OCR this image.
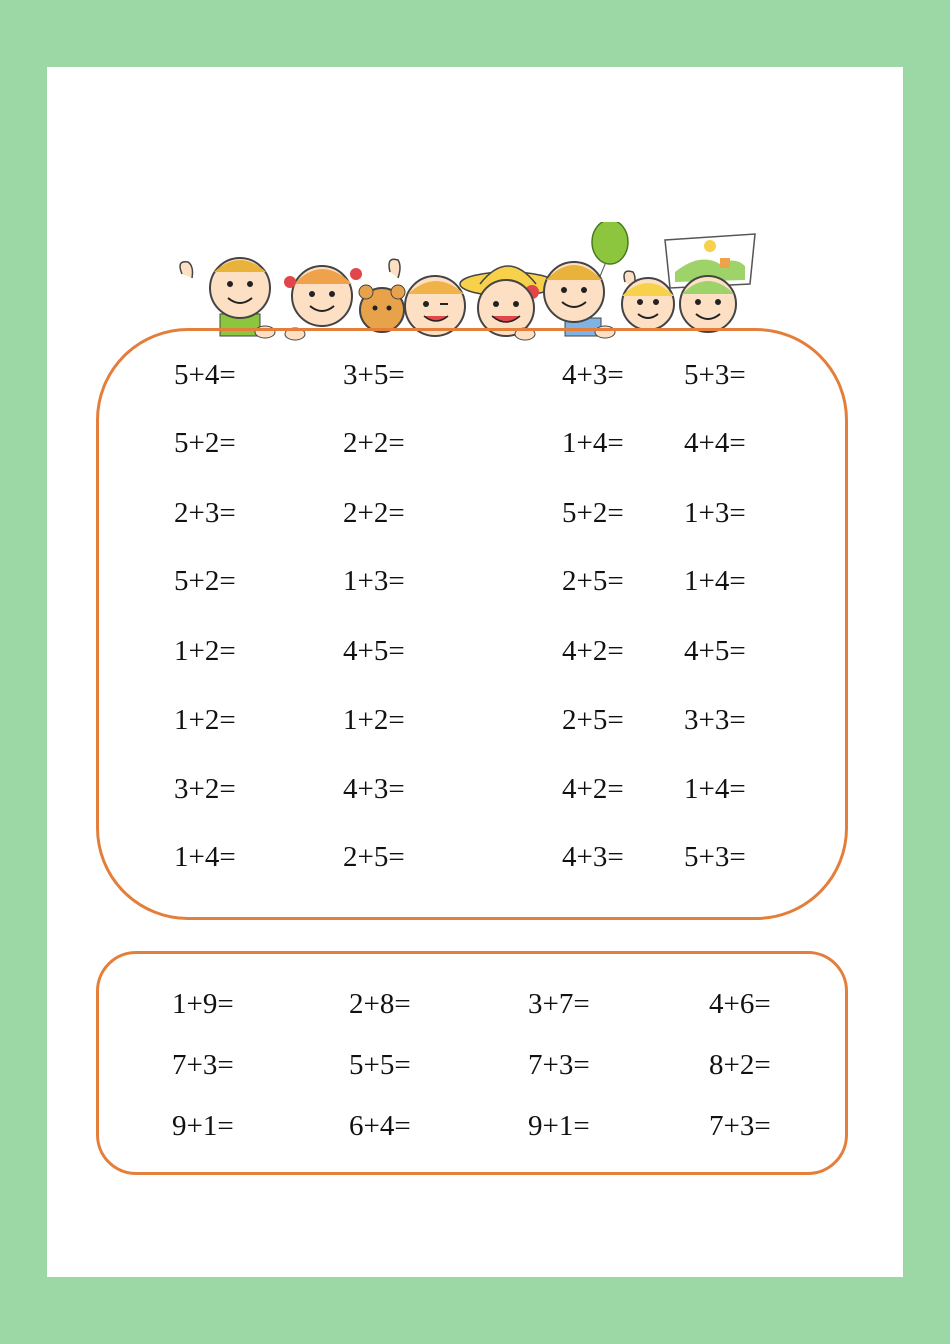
5+4=
5+2=
2+3=
5+2=
1+2=
1+2=
3+2=
1+4=
3+5=
2+2=
2+2=
1+3=
4+5=
1+2=
4+3=
2+5=
4+3=
1+4=
5+2=
2+5=
4+2=
2+5=
4+2=
4+3=
5+3=
4+4=
1+3=
1+4=
4+5=
3+3=
1+4=
5+3=
1+9=
7+3=
9+1=
2+8=
5+5=
6+4=
3+7=
7+3=
9+1=
4+6=
8+2=
7+3=
